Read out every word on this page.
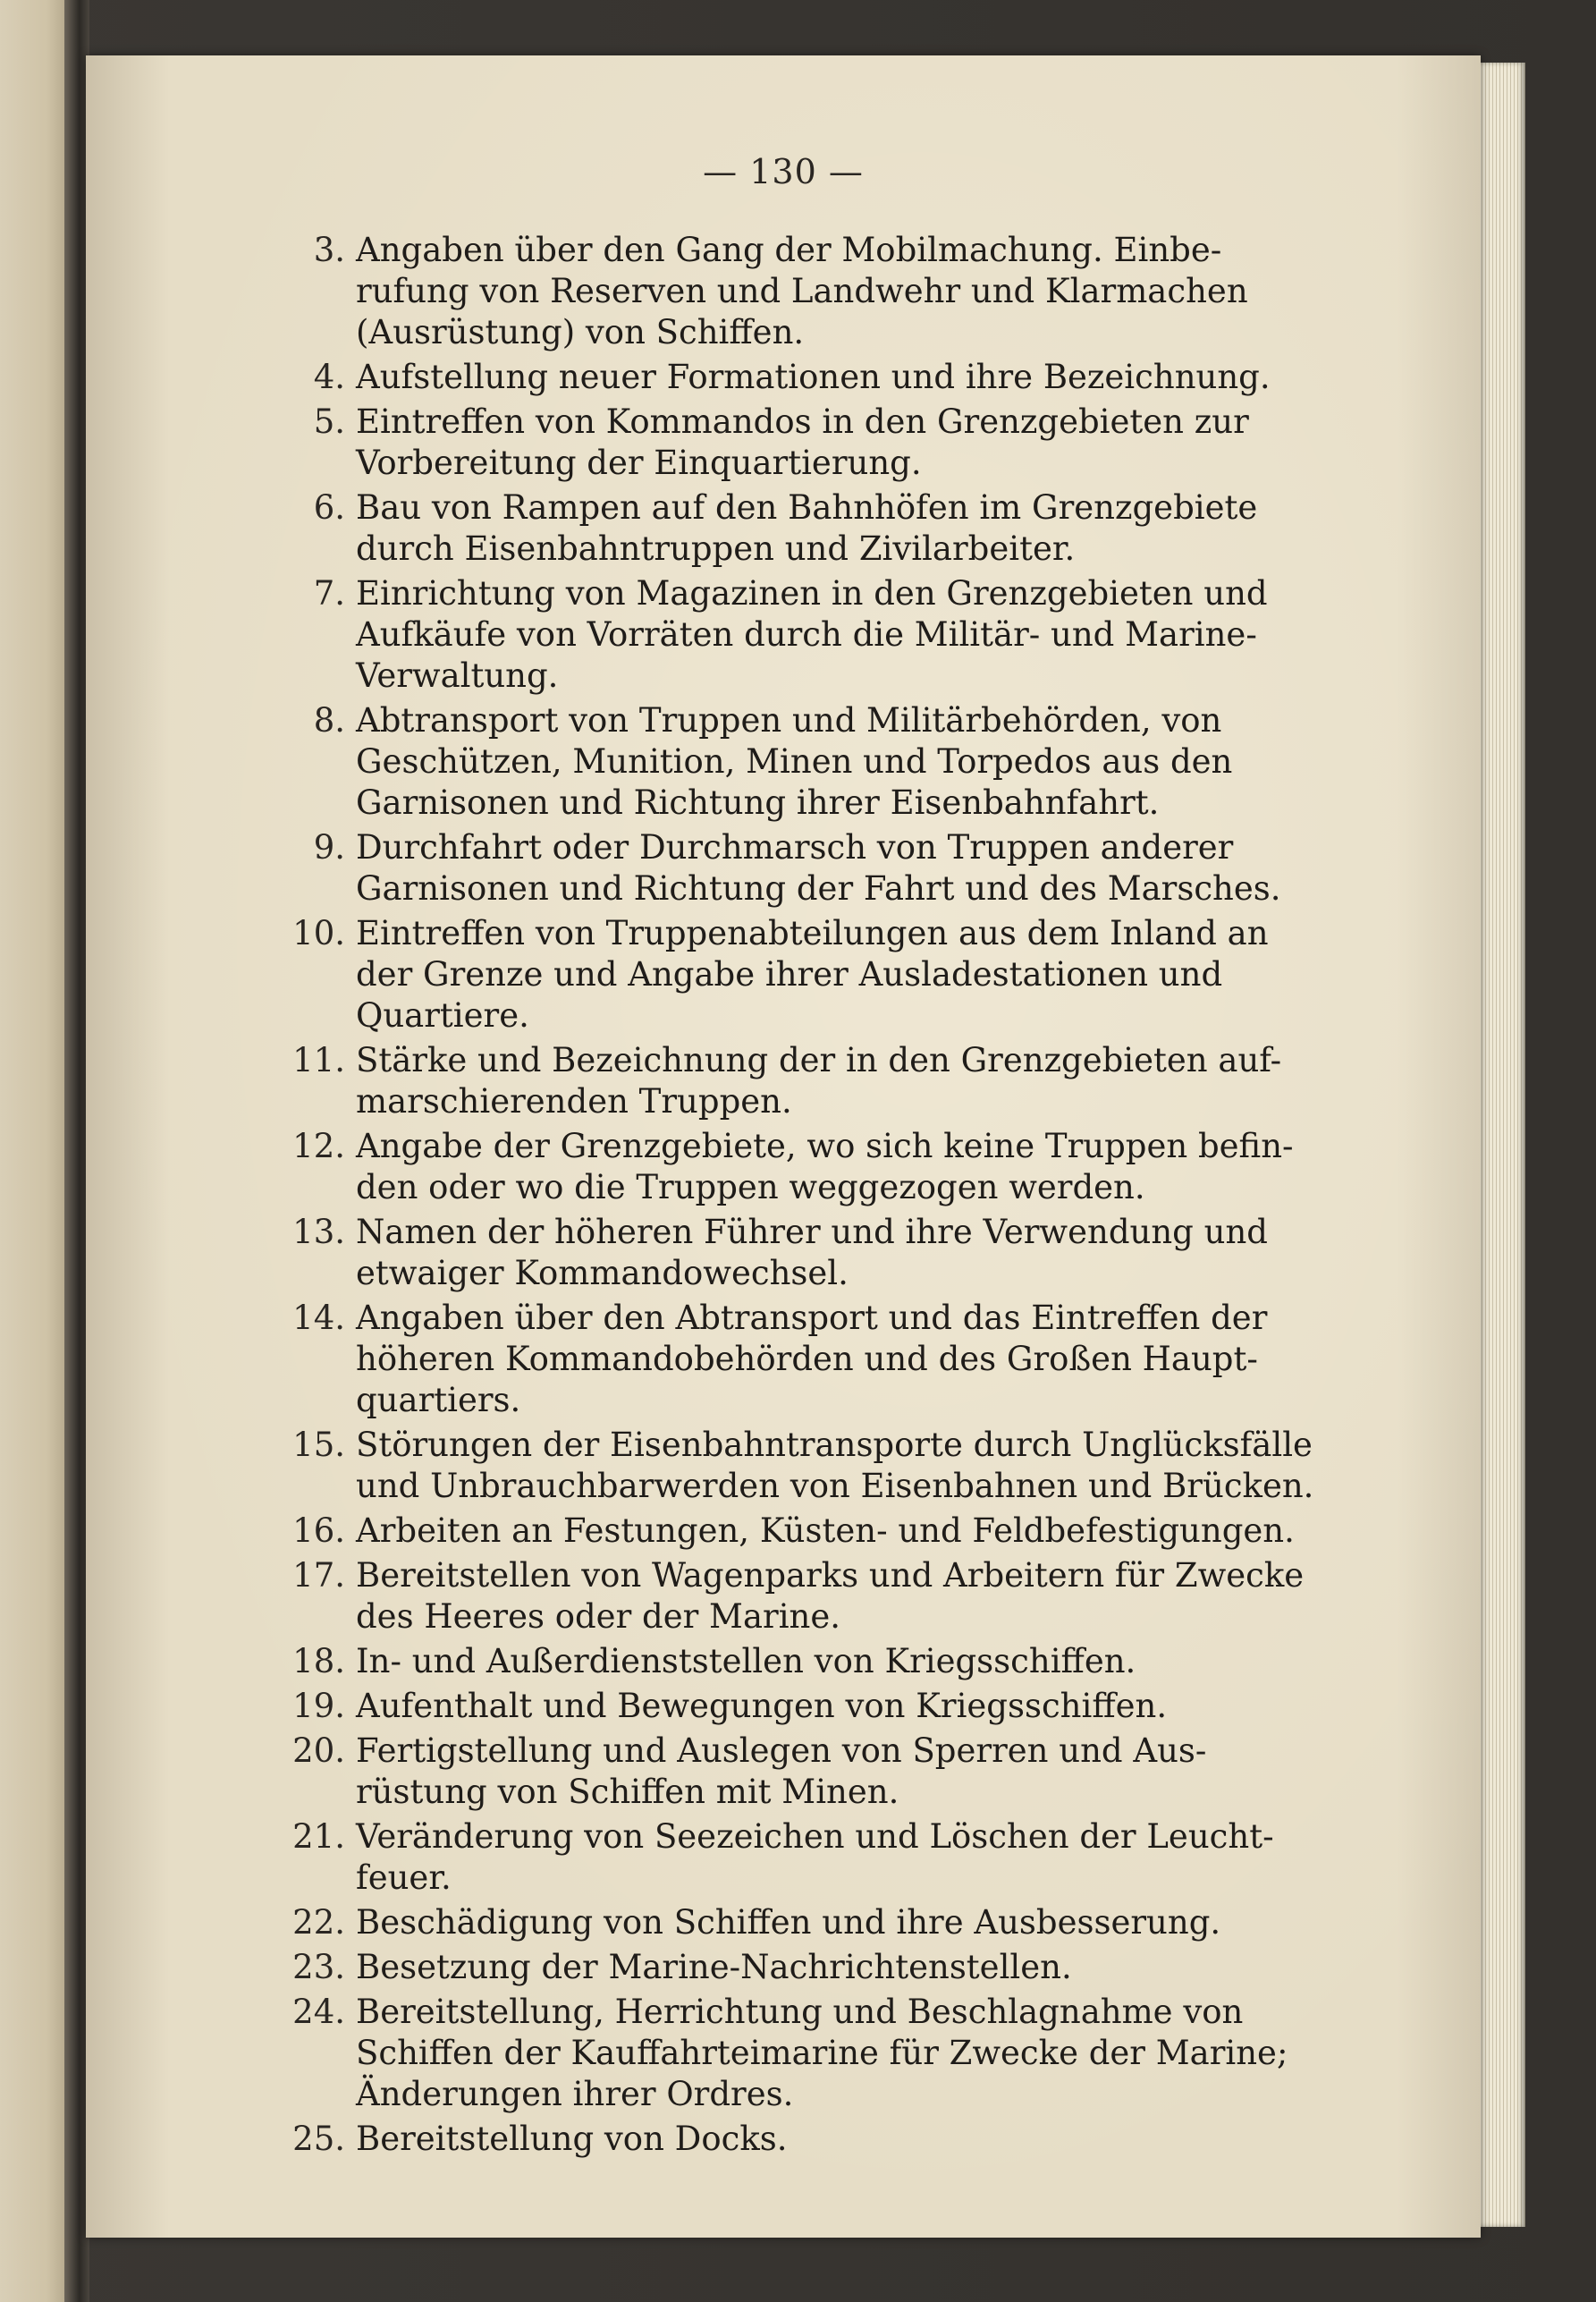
— 130 —
3. Angaben über den Gang der Mobilmachung. Einbe-
rufung von Reserven und Landwehr und Klarmachen
(Ausrüstung) von Schiffen.
4. Aufstellung neuer Formationen und ihre Bezeichnung.
5. Eintreffen von Kommandos in den Grenzgebieten zur
Vorbereitung der Einquartierung.
6. Bau von Rampen auf den Bahnhöfen im Grenzgebiete
durch Eisenbahntruppen und Zivilarbeiter.
7. Einrichtung von Magazinen in den Grenzgebieten und
Aufkäufe von Vorräten durch die Militär- und Marine-
Verwaltung.
8. Abtransport von Truppen und Militärbehörden, von
Geschützen, Munition, Minen und Torpedos aus den
Garnisonen und Richtung ihrer Eisenbahnfahrt.
9. Durchfahrt oder Durchmarsch von Truppen anderer
Garnisonen und Richtung der Fahrt und des Marsches.
10. Eintreffen von Truppenabteilungen aus dem Inland an
der Grenze und Angabe ihrer Ausladestationen und
Quartiere.
11. Stärke und Bezeichnung der in den Grenzgebieten auf-
marschierenden Truppen.
12. Angabe der Grenzgebiete, wo sich keine Truppen befin-
den oder wo die Truppen weggezogen werden.
13. Namen der höheren Führer und ihre Verwendung und
etwaiger Kommandowechsel.
14. Angaben über den Abtransport und das Eintreffen der
höheren Kommandobehörden und des Großen Haupt-
quartiers.
15. Störungen der Eisenbahntransporte durch Unglücksfälle
und Unbrauchbarwerden von Eisenbahnen und Brücken.
16. Arbeiten an Festungen, Küsten- und Feldbefestigungen.
17. Bereitstellen von Wagenparks und Arbeitern für Zwecke
des Heeres oder der Marine.
18. In- und Außerdienststellen von Kriegsschiffen.
19. Aufenthalt und Bewegungen von Kriegsschiffen.
20. Fertigstellung und Auslegen von Sperren und Aus-
rüstung von Schiffen mit Minen.
21. Veränderung von Seezeichen und Löschen der Leucht-
feuer.
22. Beschädigung von Schiffen und ihre Ausbesserung.
23. Besetzung der Marine-Nachrichtenstellen.
24. Bereitstellung, Herrichtung und Beschlagnahme von
Schiffen der Kauffahrteimarine für Zwecke der Marine;
Änderungen ihrer Ordres.
25. Bereitstellung von Docks.
